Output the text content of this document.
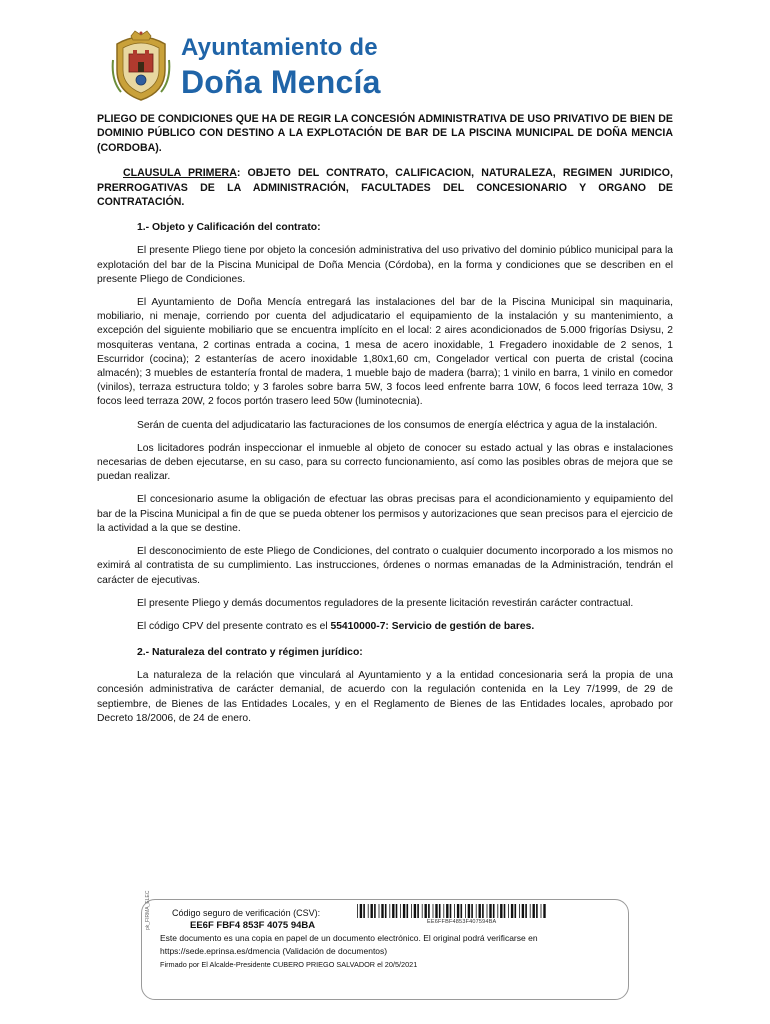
Ayuntamiento de
Doña Mencía
PLIEGO DE CONDICIONES QUE HA DE REGIR LA CONCESIÓN ADMINISTRATIVA DE USO PRIVATIVO DE BIEN DE DOMINIO PÚBLICO CON DESTINO A LA EXPLOTACIÓN DE BAR DE LA PISCINA MUNICIPAL DE DOÑA MENCIA (CORDOBA).
CLAUSULA PRIMERA: OBJETO DEL CONTRATO, CALIFICACION, NATURALEZA, REGIMEN JURIDICO, PRERROGATIVAS DE LA ADMINISTRACIÓN, FACULTADES DEL CONCESIONARIO Y ORGANO DE CONTRATACIÓN.
1.- Objeto y Calificación del contrato:

El presente Pliego tiene por objeto la concesión administrativa del uso privativo del dominio público municipal para la explotación del bar de la Piscina Municipal de Doña Mencia (Córdoba), en la forma y condiciones que se describen en el presente Pliego de Condiciones.

El Ayuntamiento de Doña Mencía entregará las instalaciones del bar de la Piscina Municipal sin maquinaria, mobiliario, ni menaje, corriendo por cuenta del adjudicatario el equipamiento de la instalación y su mantenimiento, a excepción del siguiente mobiliario que se encuentra implícito en el local: 2 aires acondicionados de 5.000 frigorías Dsiysu, 2 mosquiteras ventana, 2 cortinas entrada a cocina, 1 mesa de acero inoxidable, 1 Fregadero inoxidable de 2 senos, 1 Escurridor (cocina); 2 estanterías de acero inoxidable 1,80x1,60 cm, Congelador vertical con puerta de cristal (cocina almacén); 3 muebles de estantería frontal de madera, 1 mueble bajo de madera (barra); 1 vinilo en barra, 1 vinilo en comedor (vinilos), terraza estructura toldo; y 3 faroles sobre barra 5W, 3 focos leed enfrente barra 10W, 6 focos leed terraza 10w, 3 focos leed terraza 20W, 2 focos portón trasero leed 50w (luminotecnia).

Serán de cuenta del adjudicatario las facturaciones de los consumos de energía eléctrica y agua de la instalación.

Los licitadores podrán inspeccionar el inmueble al objeto de conocer su estado actual y las obras e instalaciones necesarias de deben ejecutarse, en su caso, para su correcto funcionamiento, así como las posibles obras de mejora que se puedan realizar.

El concesionario asume la obligación de efectuar las obras precisas para el acondicionamiento y equipamiento del bar de la Piscina Municipal a fin de que se pueda obtener los permisos y autorizaciones que sean precisos para el ejercicio de la actividad a la que se destine.

El desconocimiento de este Pliego de Condiciones, del contrato o cualquier documento incorporado a los mismos no eximirá al contratista de su cumplimiento. Las instrucciones, órdenes o normas emanadas de la Administración, tendrán el carácter de ejecutivas.

El presente Pliego y demás documentos reguladores de la presente licitación revestirán carácter contractual.

El código CPV del presente contrato es el 55410000-7: Servicio de gestión de bares.

2.- Naturaleza del contrato y régimen jurídico:

La naturaleza de la relación que vinculará al Ayuntamiento y a la entidad concesionaria será la propia de una concesión administrativa de carácter demanial, de acuerdo con la regulación contenida en la Ley 7/1999, de 29 de septiembre, de Bienes de las Entidades Locales, y en el Reglamento de Bienes de las Entidades locales, aprobado por Decreto 18/2006, de 24 de enero.

pk_FIRMA_ELEC Código seguro de verificación (CSV):
EE6F FBF4 853F 4075 94BA	EE6FFBF4853F407594BA
Este documento es una copia en papel de un documento electrónico. El original podrá verificarse en
https://sede.eprinsa.es/dmencia (Validación de documentos)
Firmado por El Alcalde-Presidente CUBERO PRIEGO SALVADOR el 20/5/2021
